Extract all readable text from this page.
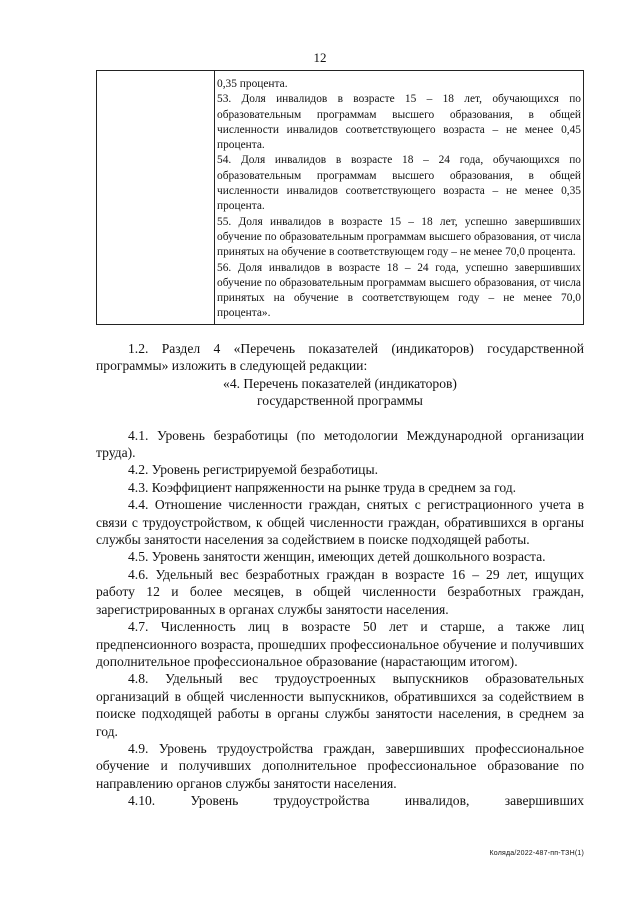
12

0,35 процента.

53. Доля инвалидов в возрасте 15 – 18 лет, обучающихся по образовательным программам высшего образования, в общей численности инвалидов соответствующего возраста – не менее 0,45 процента.

54. Доля инвалидов в возрасте 18 – 24 года, обучающихся по образовательным программам высшего образования, в общей численности инвалидов соответствующего возраста – не менее 0,35 процента.

55. Доля инвалидов в возрасте 15 – 18 лет, успешно завершивших обучение по образовательным программам высшего образования, от числа принятых на обучение в соответствующем году – не менее 70,0 процента.

56. Доля инвалидов в возрасте 18 – 24 года, успешно завершивших обучение по образовательным программам высшего образования, от числа принятых на обучение в соответствующем году – не менее 70,0 процента».

1.2. Раздел 4 «Перечень показателей (индикаторов) государственной программы» изложить в следующей редакции:

«4. Перечень показателей (индикаторов)

государственной программы

4.1. Уровень безработицы (по методологии Международной организации труда).

4.2. Уровень регистрируемой безработицы.

4.3. Коэффициент напряженности на рынке труда в среднем за год.

4.4. Отношение численности граждан, снятых с регистрационного учета в связи с трудоустройством, к общей численности граждан, обратившихся в органы службы занятости населения за содействием в поиске подходящей работы.

4.5. Уровень занятости женщин, имеющих детей дошкольного возраста.

4.6. Удельный вес безработных граждан в возрасте 16 – 29 лет, ищущих работу 12 и более месяцев, в общей численности безработных граждан, зарегистрированных в органах службы занятости населения.

4.7. Численность лиц в возрасте 50 лет и старше, а также лиц предпенсионного возраста, прошедших профессиональное обучение и получивших дополнительное профессиональное образование (нарастающим итогом).

4.8. Удельный вес трудоустроенных выпускников образовательных организаций в общей численности выпускников, обратившихся за содействием в поиске подходящей работы в органы службы занятости населения, в среднем за год.

4.9. Уровень трудоустройства граждан, завершивших профессиональное обучение и получивших дополнительное профессиональное образование по направлению органов службы занятости населения.

4.10. Уровень трудоустройства инвалидов, завершивших

Коляда/2022-487-пп-ТЗН(1)
